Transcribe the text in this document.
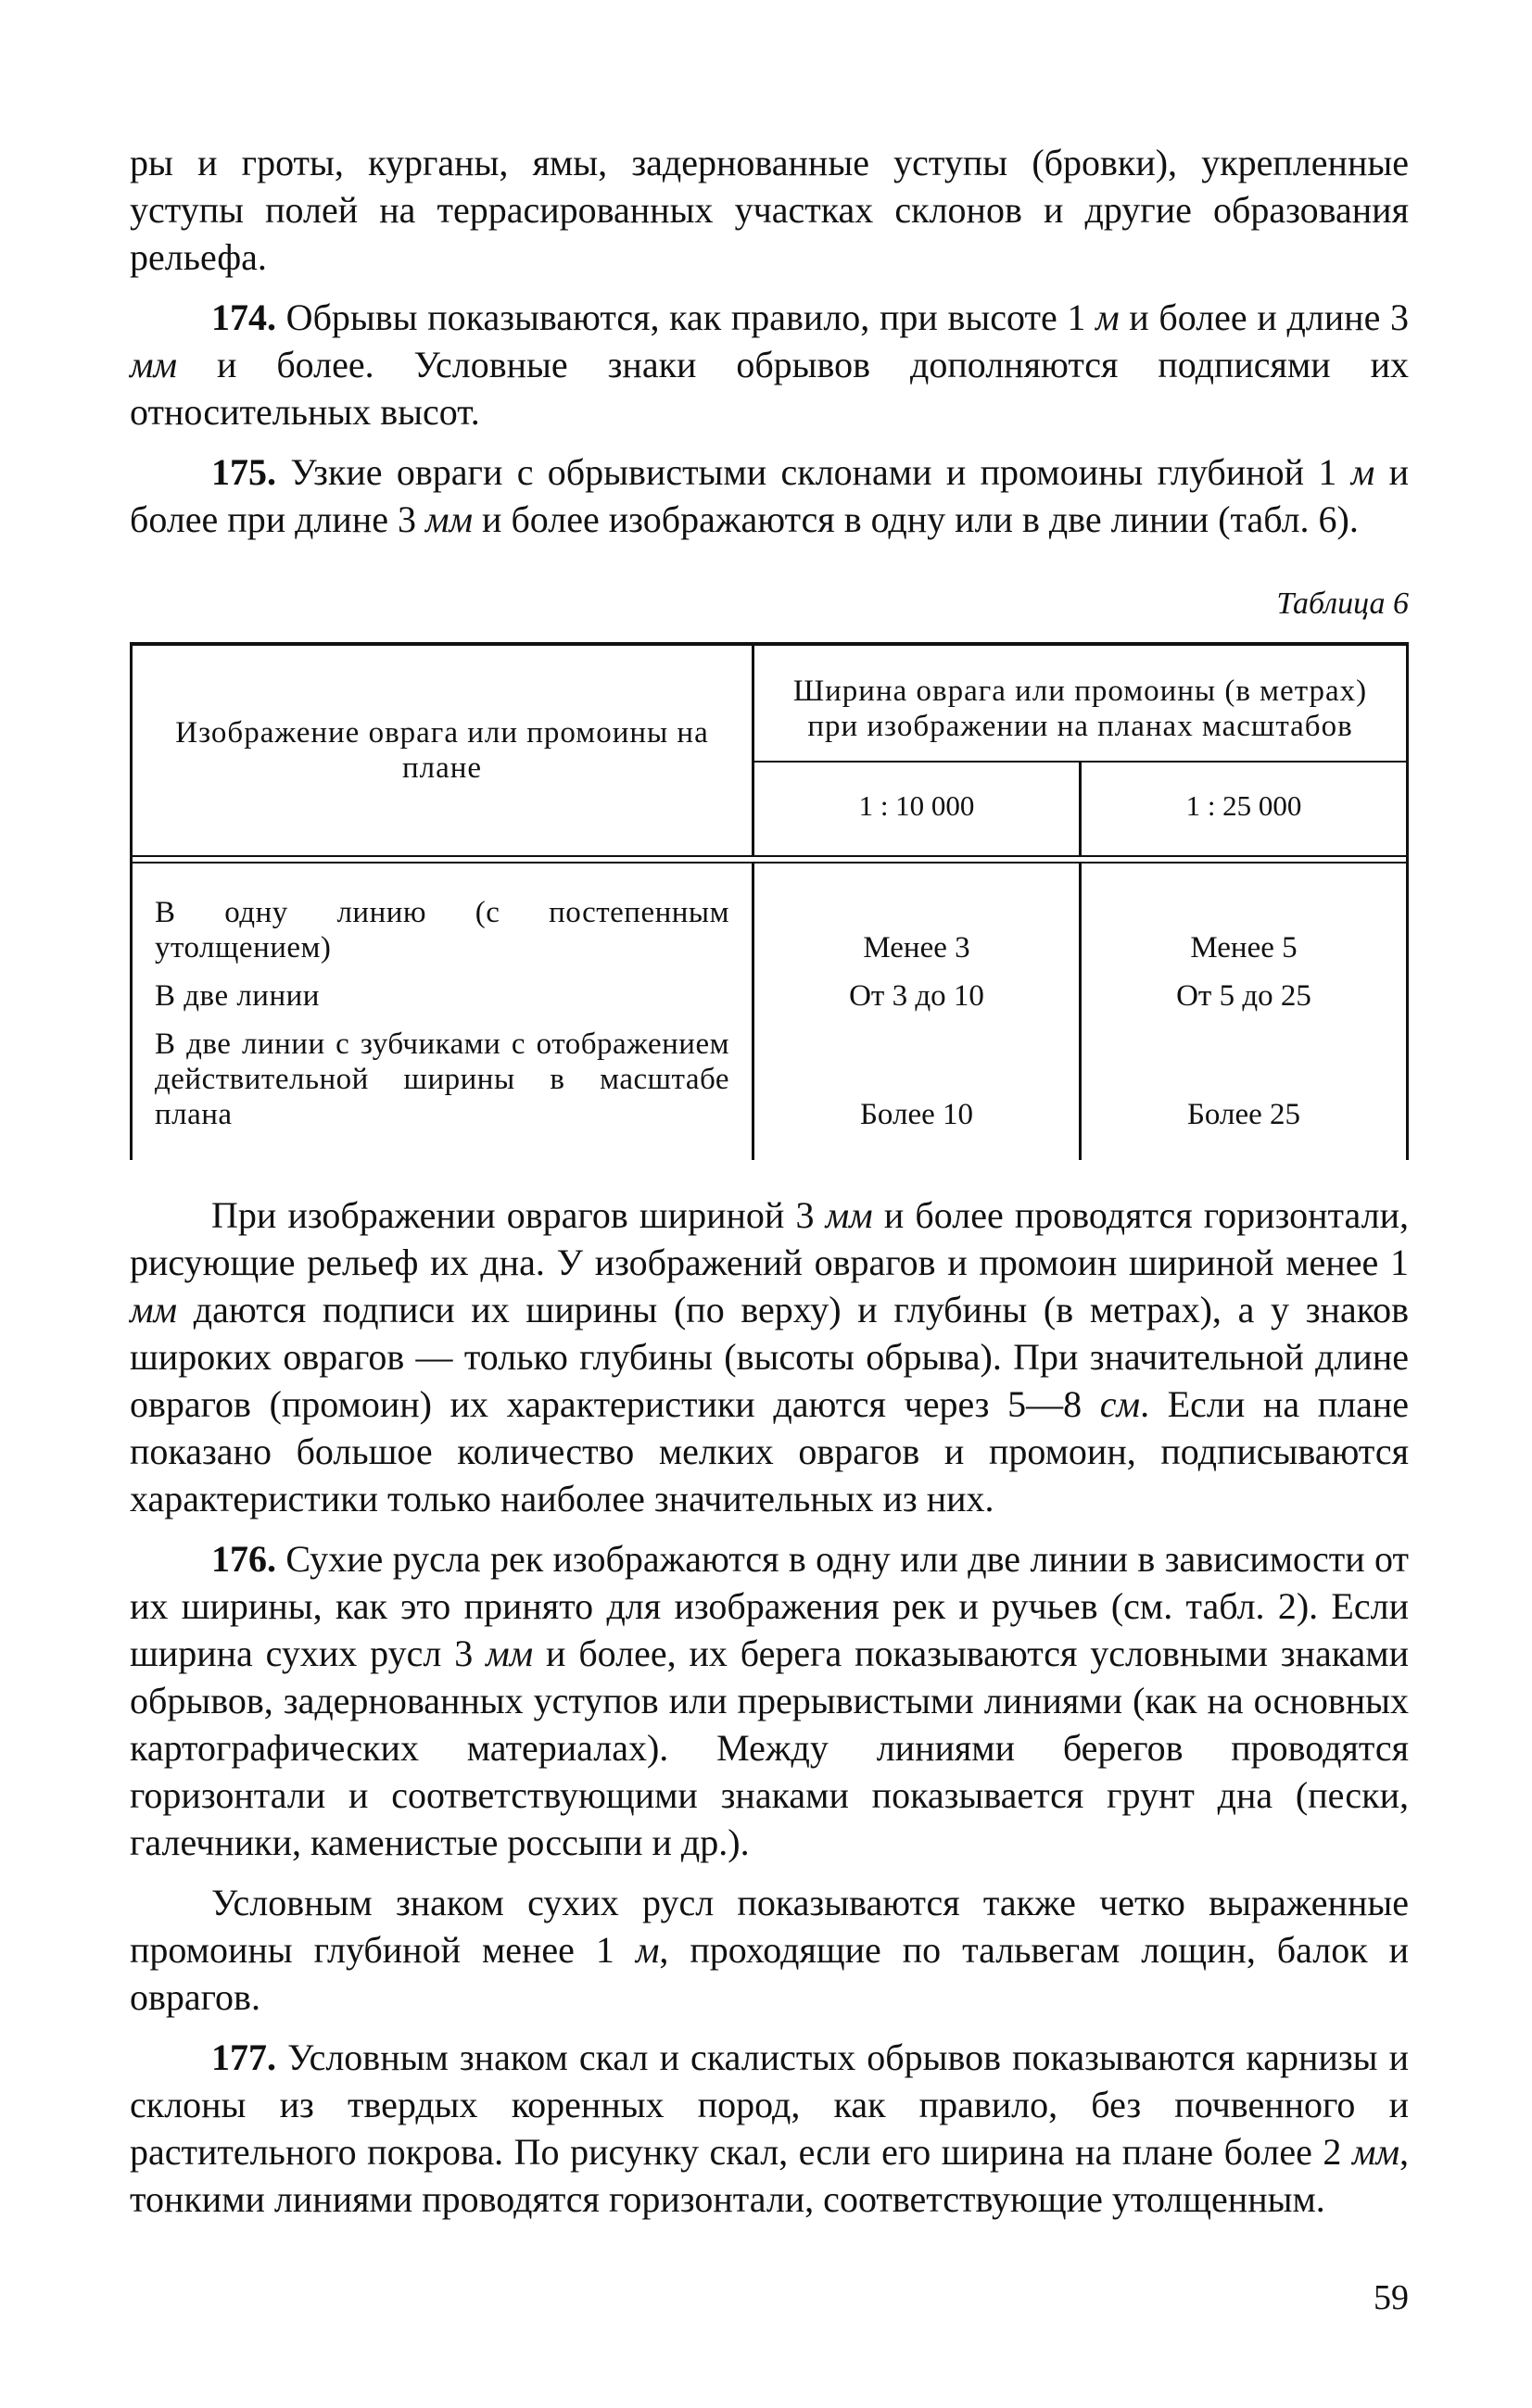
ры и гроты, курганы, ямы, задернованные уступы (бровки), укрепленные уступы полей на террасированных участках склонов и другие образования рельефа.

174. Обрывы показываются, как правило, при высоте 1 м и более и длине 3 мм и более. Условные знаки обрывов дополняются подписями их относительных высот.

175. Узкие овраги с обрывистыми склонами и промоины глубиной 1 м и более при длине 3 мм и более изображаются в одну или в две линии (табл. 6).

Таблица 6
Изображение оврага или промоины на плане	Ширина оврага или промоины (в метрах) при изображении на планах масштабов	
	1 : 10 000	1 : 25 000

В одну линию (с постепенным утолщением)	Менее 3	Менее 5
В две линии	От 3 до 10	От 5 до 25
В две линии с зубчиками с отображением действительной ширины в масштабе плана	Более 10	Более 25

При изображении оврагов шириной 3 мм и более проводятся горизонтали, рисующие рельеф их дна. У изображений оврагов и промоин шириной менее 1 мм даются подписи их ширины (по верху) и глубины (в метрах), а у знаков широких оврагов — только глубины (высоты обрыва). При значительной длине оврагов (промоин) их характеристики даются через 5—8 см. Если на плане показано большое количество мелких оврагов и промоин, подписываются характеристики только наиболее значительных из них.

176. Сухие русла рек изображаются в одну или две линии в зависимости от их ширины, как это принято для изображения рек и ручьев (см. табл. 2). Если ширина сухих русл 3 мм и более, их берега показываются условными знаками обрывов, задернованных уступов или прерывистыми линиями (как на основных картографических материалах). Между линиями берегов проводятся горизонтали и соответствующими знаками показывается грунт дна (пески, галечники, каменистые россыпи и др.).

Условным знаком сухих русл показываются также четко выраженные промоины глубиной менее 1 м, проходящие по тальвегам лощин, балок и оврагов.

177. Условным знаком скал и скалистых обрывов показываются карнизы и склоны из твердых коренных пород, как правило, без почвенного и растительного покрова. По рисунку скал, если его ширина на плане более 2 мм, тонкими линиями проводятся горизонтали, соответствующие утолщенным.

59
